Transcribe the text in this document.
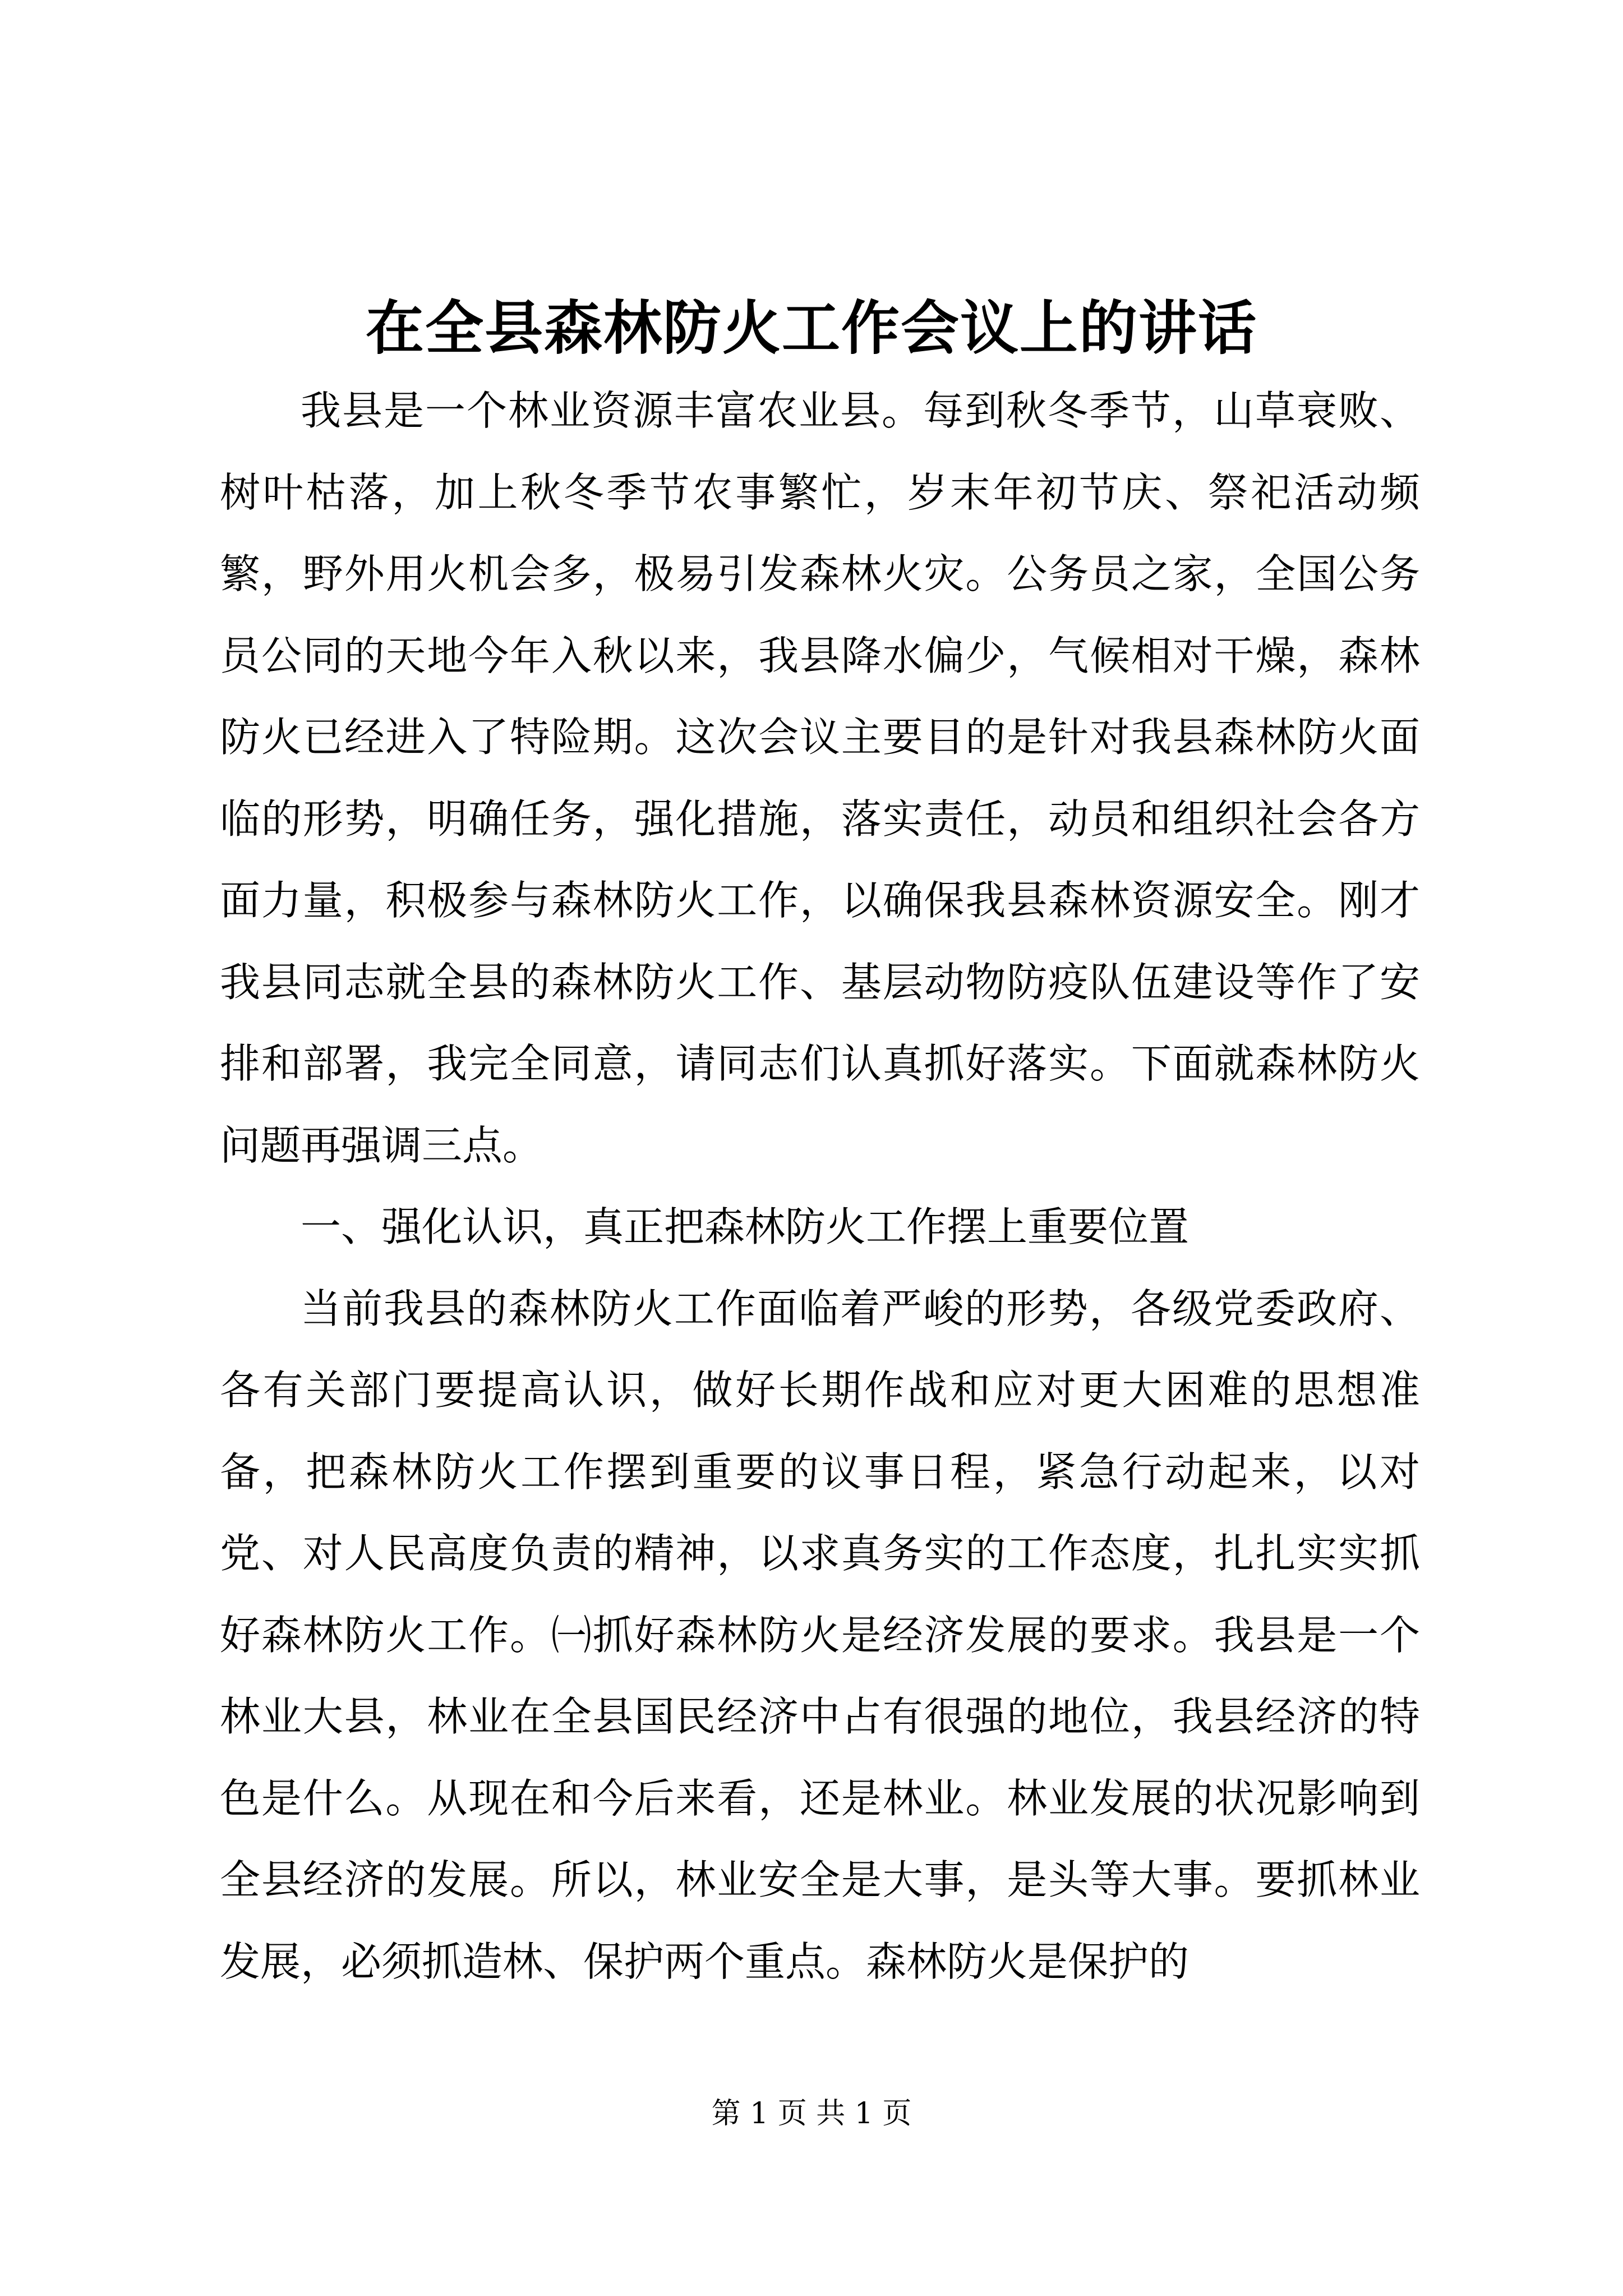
在全县森林防火工作会议上的讲话

我县是一个林业资源丰富农业县。每到秋冬季节，山草衰败、树叶枯落，加上秋冬季节农事繁忙，岁末年初节庆、祭祀活动频繁，野外用火机会多，极易引发森林火灾。公务员之家，全国公务员公同的天地今年入秋以来，我县降水偏少，气候相对干燥，森林防火已经进入了特险期。这次会议主要目的是针对我县森林防火面临的形势，明确任务，强化措施，落实责任，动员和组织社会各方面力量，积极参与森林防火工作，以确保我县森林资源安全。刚才我县同志就全县的森林防火工作、基层动物防疫队伍建设等作了安排和部署，我完全同意，请同志们认真抓好落实。下面就森林防火问题再强调三点。

一、强化认识，真正把森林防火工作摆上重要位置

当前我县的森林防火工作面临着严峻的形势，各级党委政府、各有关部门要提高认识，做好长期作战和应对更大困难的思想准备，把森林防火工作摆到重要的议事日程，紧急行动起来，以对党、对人民高度负责的精神，以求真务实的工作态度，扎扎实实抓好森林防火工作。㈠抓好森林防火是经济发展的要求。我县是一个林业大县，林业在全县国民经济中占有很强的地位，我县经济的特色是什么。从现在和今后来看，还是林业。林业发展的状况影响到全县经济的发展。所以，林业安全是大事，是头等大事。要抓林业发展，必须抓造林、保护两个重点。森林防火是保护的

第 1 页 共 1 页
